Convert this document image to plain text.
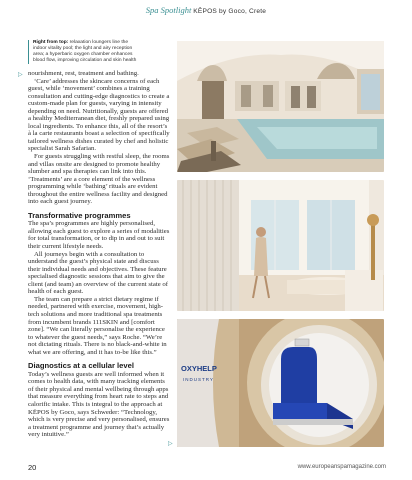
Spa Spotlight KĒPOS by Goco, Crete
Right from top: relaxation loungers line the
indoor vitality pool; the light and airy reception
area; a hyperbaric oxygen chamber enhances
blood flow, improving circulation and skin health
▷ nourishment, rest, treatment and bathing.

‘Care’ addresses the skincare concerns of each guest, while ‘movement’ combines a training consultation and cutting-edge diagnostics to create a custom-made plan for guests, varying in intensity depending on need. Nutritionally, guests are offered a healthy Mediterranean diet, freshly prepared using local ingredients. To enhance this, all of the resort’s à la carte restaurants boast a selection of specifically tailored wellness dishes curated by chef and holistic specialist Sarah Safarian.

For guests struggling with restful sleep, the rooms and villas onsite are designed to promote healthy slumber and spa therapies can link into this. ‘Treatments’ are a core element of the wellness programming while ‘bathing’ rituals are evident throughout the entire wellness facility and designed into each guest journey.

Transformative programmes

The spa’s programmes are highly personalised, allowing each guest to explore a series of modalities for total transformation, or to dip in and out to suit their current lifestyle needs.

All journeys begin with a consultation to understand the guest’s physical state and discuss their individual needs and objectives. These feature specialised diagnostic sessions that aim to give the client (and team) an overview of the current state of health of each guest.

The team can prepare a strict dietary regime if needed, partnered with exercise, movement, high-tech solutions and more traditional spa treatments from incumbent brands 111SKIN and [comfort zone]. “We can literally personalise the experience to whatever the guest needs,” says Roche. “We’re not dictating rituals. There is no black-and-white in what we are offering, and it has to-be like this.”

Diagnostics at a cellular level

Today’s wellness guests are well informed when it comes to health data, with many tracking elements of their physical and mental wellbeing through apps that measure everything from heart rate to steps and calorific intake. This is integral to the approach at KĒPOS by Goco, says Schweder: “Technology, which is very precise and very personalised, ensures a treatment programme and journey that’s actually very intuitive.”

▷
OXYHELP
INDUSTRY
20	www.europeanspamagazine.com
